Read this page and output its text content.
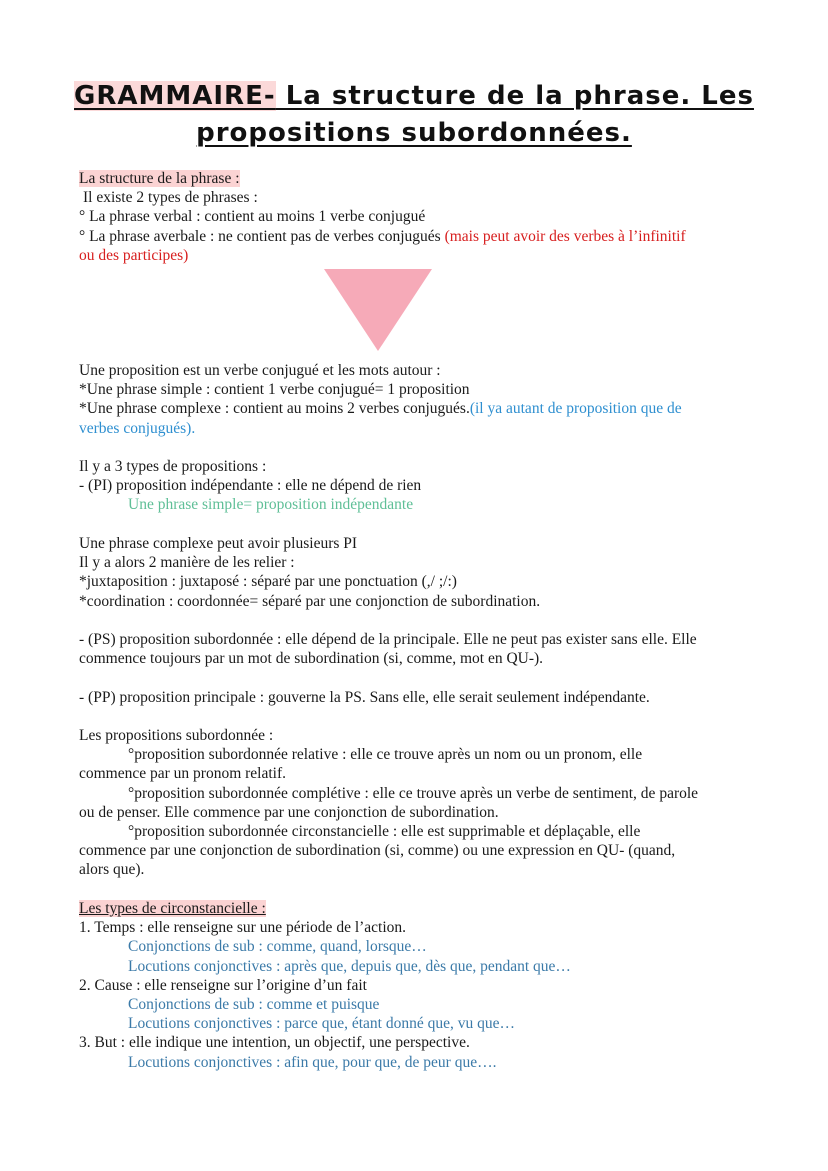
GRAMMAIRE- La structure de la phrase. Les
propositions subordonnées.
La structure de la phrase :
Il existe 2 types de phrases :
° La phrase verbal : contient au moins 1 verbe conjugué
° La phrase averbale : ne contient pas de verbes conjugués (mais peut avoir des verbes à l’infinitif
ou des participes)
Une proposition est un verbe conjugué et les mots autour :
*Une phrase simple : contient 1 verbe conjugué= 1 proposition
*Une phrase complexe : contient au moins 2 verbes conjugués.(il ya autant de proposition que de
verbes conjugués).
Il y a 3 types de propositions :
- (PI) proposition indépendante : elle ne dépend de rien
Une phrase simple= proposition indépendante
Une phrase complexe peut avoir plusieurs PI
Il y a alors 2 manière de les relier :
*juxtaposition : juxtaposé : séparé par une ponctuation (,/ ;/:)
*coordination : coordonnée= séparé par une conjonction de subordination.
- (PS) proposition subordonnée : elle dépend de la principale. Elle ne peut pas exister sans elle. Elle
commence toujours par un mot de subordination (si, comme, mot en QU-).
- (PP) proposition principale : gouverne la PS. Sans elle, elle serait seulement indépendante.
Les propositions subordonnée :
°proposition subordonnée relative : elle ce trouve après un nom ou un pronom, elle
commence par un pronom relatif.
°proposition subordonnée complétive : elle ce trouve après un verbe de sentiment, de parole
ou de penser. Elle commence par une conjonction de subordination.
°proposition subordonnée circonstancielle : elle est supprimable et déplaçable, elle
commence par une conjonction de subordination (si, comme) ou une expression en QU- (quand,
alors que).
Les types de circonstancielle :
1. Temps : elle renseigne sur une période de l’action.
Conjonctions de sub : comme, quand, lorsque…
Locutions conjonctives : après que, depuis que, dès que, pendant que…
2. Cause : elle renseigne sur l’origine d’un fait
Conjonctions de sub : comme et puisque
Locutions conjonctives : parce que, étant donné que, vu que…
3. But : elle indique une intention, un objectif, une perspective.
Locutions conjonctives : afin que, pour que, de peur que….
